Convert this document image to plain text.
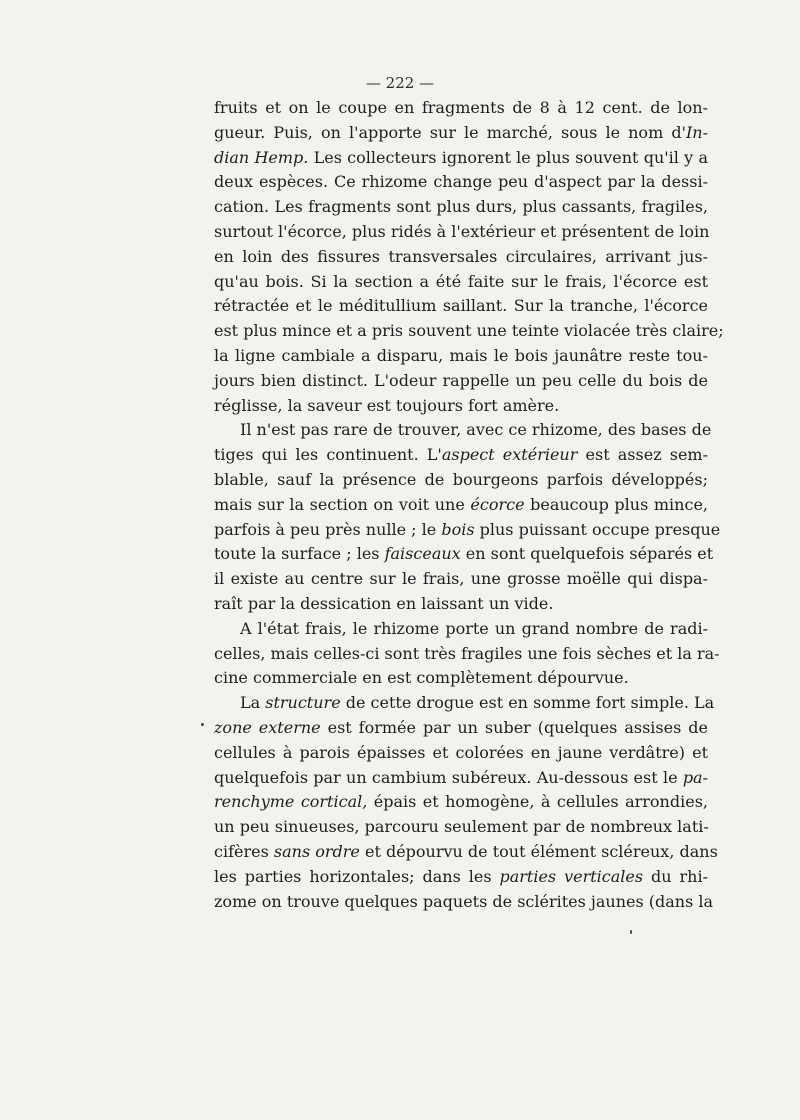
— 222 —
fruits et on le coupe en fragments de 8 à 12 cent. de lon-
gueur. Puis, on l'apporte sur le marché, sous le nom d'In-
dian Hemp. Les collecteurs ignorent le plus souvent qu'il y a
deux espèces. Ce rhizome change peu d'aspect par la dessi-
cation. Les fragments sont plus durs, plus cassants, fragiles,
surtout l'écorce, plus ridés à l'extérieur et présentent de loin
en loin des fissures transversales circulaires, arrivant jus-
qu'au bois. Si la section a été faite sur le frais, l'écorce est
rétractée et le méditullium saillant. Sur la tranche, l'écorce
est plus mince et a pris souvent une teinte violacée très claire;
la ligne cambiale a disparu, mais le bois jaunâtre reste tou-
jours bien distinct. L'odeur rappelle un peu celle du bois de
réglisse, la saveur est toujours fort amère.
Il n'est pas rare de trouver, avec ce rhizome, des bases de
tiges qui les continuent. L'aspect extérieur est assez sem-
blable, sauf la présence de bourgeons parfois développés;
mais sur la section on voit une écorce beaucoup plus mince,
parfois à peu près nulle ; le bois plus puissant occupe presque
toute la surface ; les faisceaux en sont quelquefois séparés et
il existe au centre sur le frais, une grosse moëlle qui dispa-
raît par la dessication en laissant un vide.
A l'état frais, le rhizome porte un grand nombre de radi-
celles, mais celles-ci sont très fragiles une fois sèches et la ra-
cine commerciale en est complètement dépourvue.
La structure de cette drogue est en somme fort simple. La
zone externe est formée par un suber (quelques assises de
cellules à parois épaisses et colorées en jaune verdâtre) et
quelquefois par un cambium subéreux. Au-dessous est le pa-
renchyme cortical, épais et homogène, à cellules arrondies,
un peu sinueuses, parcouru seulement par de nombreux lati-
cifères sans ordre et dépourvu de tout élément scléreux, dans
les parties horizontales; dans les parties verticales du rhi-
zome on trouve quelques paquets de sclérites jaunes (dans la
